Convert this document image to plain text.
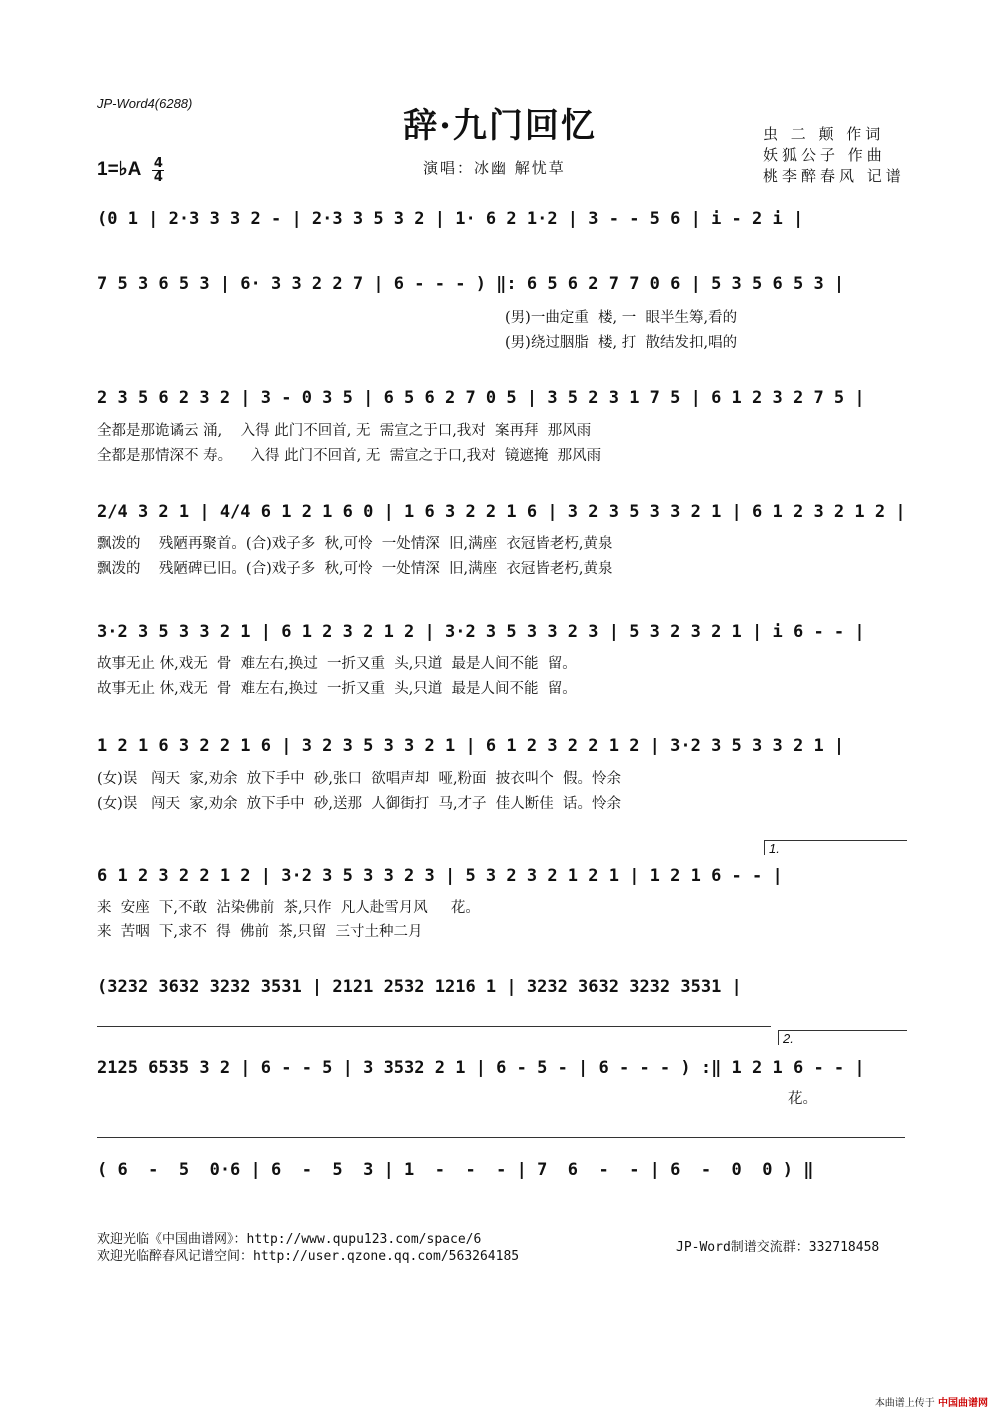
JP-Word4(6288)
辞·九门回忆
1=♭A $\frac{4}{4}$	演唱：冰幽 解忧草
虫 二 颠 作词
妖狐公子 作曲
桃李醉春风 记谱
(0 1 | 2·3 3 3 2 - | 2·3 3 5 3 2 | 1· 6 2 1·2 | 3 - - 5 6 | i - 2 i |
7 5 3 6 5 3 | 6· 3 3 2 2 7 | 6 - - - ) ‖: 6 5 6 2 7 7 0 6 | 5 3 5 6 5 3 |
(男)一曲定重  楼, 一  眼半生筹,看的
(男)绕过胭脂  楼, 打  散结发扣,唱的
2 3 5 6 2 3 2 | 3 - 0 3 5 | 6 5 6 2 7 0 5 | 3 5 2 3 1 7 5 | 6 1 2 3 2 7 5 |
全都是那诡谲云 涌,    入得 此门不回首, 无  需宣之于口,我对  案再拜  那风雨
全都是那情深不 寿。    入得 此门不回首, 无  需宣之于口,我对  镜遮掩  那风雨
2/4 3 2 1 | 4/4 6 1 2 1 6 0 | 1 6 3 2 2 1 6 | 3 2 3 5 3 3 2 1 | 6 1 2 3 2 1 2 |
飘泼的    残陋再聚首。(合)戏子多  秋,可怜  一处情深  旧,满座  衣冠皆老朽,黄泉
飘泼的    残陋碑已旧。(合)戏子多  秋,可怜  一处情深  旧,满座  衣冠皆老朽,黄泉
3·2 3 5 3 3 2 1 | 6 1 2 3 2 1 2 | 3·2 3 5 3 3 2 3 | 5 3 2 3 2 1 | i 6 - - |
故事无止 休,戏无  骨  难左右,换过  一折又重  头,只道  最是人间不能  留。
故事无止 休,戏无  骨  难左右,换过  一折又重  头,只道  最是人间不能  留。
1 2 1 6 3 2 2 1 6 | 3 2 3 5 3 3 2 1 | 6 1 2 3 2 2 1 2 | 3·2 3 5 3 3 2 1 |
(女)误   闯天  家,劝余  放下手中  砂,张口  欲唱声却  哑,粉面  披衣叫个  假。怜余
(女)误   闯天  家,劝余  放下手中  砂,送那  人御街打  马,才子  佳人断佳  话。怜余
1.
6 1 2 3 2 2 1 2 | 3·2 3 5 3 3 2 3 | 5 3 2 3 2 1 2 1 | 1 2 1 6 - - |
来  安座  下,不敢  沾染佛前  茶,只作  凡人赴雪月风     花。
来  苦咽  下,求不  得  佛前  茶,只留  三寸土种二月
(3232 3632 3232 3531 | 2121 2532 1216 1 | 3232 3632 3232 3531 |
2.
2125 6535 3 2 | 6 - - 5 | 3 3532 2 1 | 6 - 5 - | 6 - - - ) :‖ 1 2 1 6 - - |
花。
( 6  -  5  0·6 | 6  -  5  3 | 1  -  -  - | 7  6  -  - | 6  -  0  0 ) ‖
欢迎光临《中国曲谱网》：http://www.qupu123.com/space/6
欢迎光临醉春风记谱空间：http://user.qzone.qq.com/563264185
JP-Word制谱交流群：332718458
本曲谱上传于 中国曲谱网
